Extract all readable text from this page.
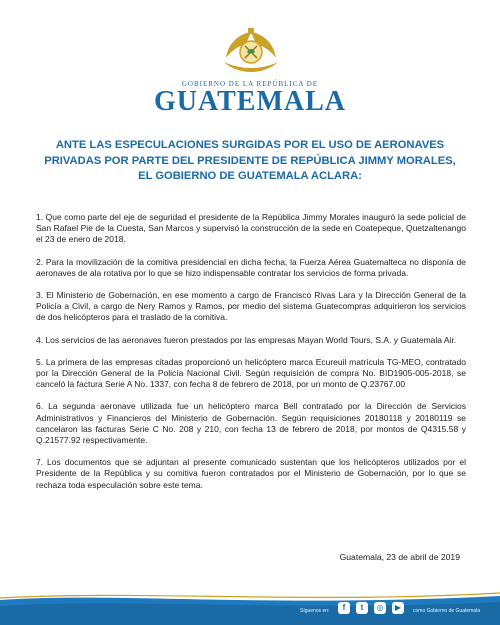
GOBIERNO DE LA REPÚBLICA DE
GUATEMALA
ANTE LAS ESPECULACIONES SURGIDAS POR EL USO DE AERONAVES PRIVADAS POR PARTE DEL PRESIDENTE DE REPÚBLICA JIMMY MORALES, EL GOBIERNO DE GUATEMALA ACLARA:

1. Que como parte del eje de seguridad el presidente de la República Jimmy Morales inauguró la sede policial de San Rafael Pie de la Cuesta, San Marcos y supervisó la construcción de la sede en Coatepeque, Quetzaltenango el 23 de enero de 2018.

2. Para la movilización de la comitiva presidencial en dicha fecha, la Fuerza Aérea Guatemalteca no disponía de aeronaves de ala rotativa por lo que se hizo indispensable contratar los servicios de forma privada.

3. El Ministerio de Gobernación, en ese momento a cargo de Francisco Rivas Lara y la Dirección General de la Policía a Civil, a cargo de Nery Ramos y Ramos, por medio del sistema Guatecompras adquirieron los servicios de dos helicópteros para el traslado de la comitiva.

4. Los servicios de las aeronaves fueron prestados por las empresas Mayan World Tours, S.A. y Guatemala Air.

5. La primera de las empresas citadas proporcionó un helicóptero marca Ecureuil matrícula TG-MEO, contratado por la Dirección General de la Policía Nacional Civil. Según requisición de compra No. BID1905-005-2018, se canceló la factura Serie A No. 1337, con fecha 8 de febrero de 2018, por un monto de Q.23767.00

6. La segunda aeronave utilizada fue un helicóptero marca Bell contratado por la Dirección de Servicios Administrativos y Financieros del Ministerio de Gobernación. Según requisiciones 20180118 y 20180119 se cancelaron las facturas Serie C No. 208 y 210, con fecha 13 de febrero de 2018, por montos de Q4315.58 y Q.21577.92 respectivamente.

7. Los documentos que se adjuntan al presente comunicado sustentan que los helicópteros utilizados por el Presidente de la República y su comitiva fueron contratados por el Ministerio de Gobernación, por lo que se rechaza toda especulación sobre este tema.

Guatemala, 23 de abril de 2019
Síguenos en:	f	t	◎	▶	como Gobierno de Guatemala
